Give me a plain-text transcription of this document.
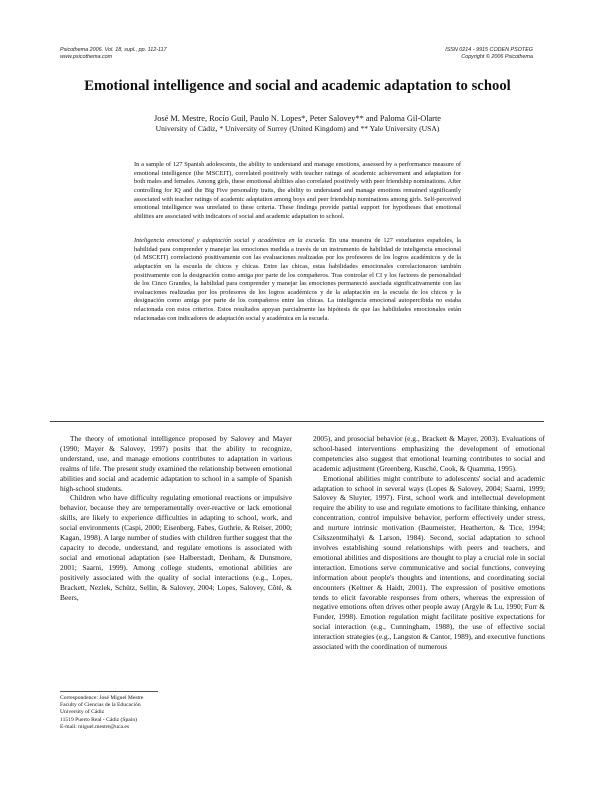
Psicothema 2006. Vol. 18, supl., pp. 112-117
www.psicothema.com
ISSN 0214 - 9915 CODEN PSOTEG
Copyright © 2006 Psicothema
Emotional intelligence and social and academic adaptation to school
José M. Mestre, Rocío Guil, Paulo N. Lopes*, Peter Salovey** and Paloma Gil-Olarte
University of Cádiz, * University of Surrey (United Kingdom) and ** Yale University (USA)
In a sample of 127 Spanish adolescents, the ability to understand and manage emotions, assessed by a performance measure of emotional intelligence (the MSCEIT), correlated positively with teacher ratings of academic achievement and adaptation for both males and females. Among girls, these emotional abilities also correlated positively with peer friendship nominations. After controlling for IQ and the Big Five personality traits, the ability to understand and manage emotions remained significantly associated with teacher ratings of academic adaptation among boys and peer friendship nominations among girls. Self-perceived emotional intelligence was unrelated to these criteria. These findings provide partial support for hypotheses that emotional abilities are associated with indicators of social and academic adaptation to school.
Inteligencia emocional y adaptación social y académica en la escuela. En una muestra de 127 estudiantes españoles, la habilidad para comprender y manejar las emociones medida a través de un instrumento de habilidad de inteligencia emocional (el MSCEIT) correlacionó positivamente con las evaluaciones realizadas por los profesores de los logros académicos y de la adaptación en la escuela de chicos y chicas. Entre las chicas, estas habilidades emocionales correlacionaron también positivamente con la designación como amiga por parte de los compañeros. Tras controlar el CI y los factores de personalidad de los Cinco Grandes, la habilidad para comprender y manejar las emociones permaneció asociada significativamente con las evaluaciones realizadas por los profesores de los logros académicos y de la adaptación en la escuela de los chicos y la designación como amiga por parte de los compañeros entre las chicas. La inteligencia emocional autopercibida no estaba relacionada con estos criterios. Estos resultados apoyan parcialmente las hipótesis de que las habilidades emocionales están relacionadas con indicadores de adaptación social y académica en la escuela.

The theory of emotional intelligence proposed by Salovey and Mayer (1990; Mayer & Salovey, 1997) posits that the ability to recognize, understand, use, and manage emotions contributes to adaptation in various realms of life. The present study examined the relationship between emotional abilities and social and academic adaptation to school in a sample of Spanish high-school students.

Children who have difficulty regulating emotional reactions or impulsive behavior, because they are temperamentally over-reactive or lack emotional skills, are likely to experience difficulties in adapting to school, work, and social environments (Caspi, 2000; Eisenberg, Fabes, Guthrie, & Reiser, 2000; Kagan, 1998). A large number of studies with children further suggest that the capacity to decode, understand, and regulate emotions is associated with social and emotional adaptation (see Halberstadt, Denham, & Dunsmore, 2001; Saarni, 1999). Among college students, emotional abilities are positively associated with the quality of social interactions (e.g., Lopes, Brackett, Nezlek, Schütz, Sellin, & Salovey, 2004; Lopes, Salovey, Côté, & Beers,

2005), and prosocial behavior (e.g., Brackett & Mayer, 2003). Evaluations of school-based interventions emphasizing the development of emotional competencies also suggest that emotional learning contributes to social and academic adjustment (Greenberg, Kusché, Cook, & Quamma, 1995).

Emotional abilities might contribute to adolescents' social and academic adaptation to school in several ways (Lopes & Salovey, 2004; Saarni, 1999; Salovey & Sluyter, 1997). First, school work and intellectual development require the ability to use and regulate emotions to facilitate thinking, enhance concentration, control impulsive behavior, perform effectively under stress, and nurture intrinsic motivation (Baumeister, Heatherton, & Tice, 1994; Csikszentmihalyi & Larson, 1984). Second, social adaptation to school involves establishing sound relationships with peers and teachers, and emotional abilities and dispositions are thought to play a crucial role in social interaction. Emotions serve communicative and social functions, conveying information about people's thoughts and intentions, and coordinating social encounters (Keltner & Haidt, 2001). The expression of positive emotions tends to elicit favorable responses from others, whereas the expression of negative emotions often drives other people away (Argyle & Lu, 1990; Furr & Funder, 1998). Emotion regulation might facilitate positive expectations for social interaction (e.g., Cunningham, 1988), the use of effective social interaction strategies (e.g., Langston & Cantor, 1989), and executive functions associated with the coordination of numerous

Correspondence: José Miguel Mestre
Faculty of Ciencias de la Educación
University of Cádiz
11519 Puerto Real - Cádiz (Spain)
E-mail: miguel.mestre@uca.es
